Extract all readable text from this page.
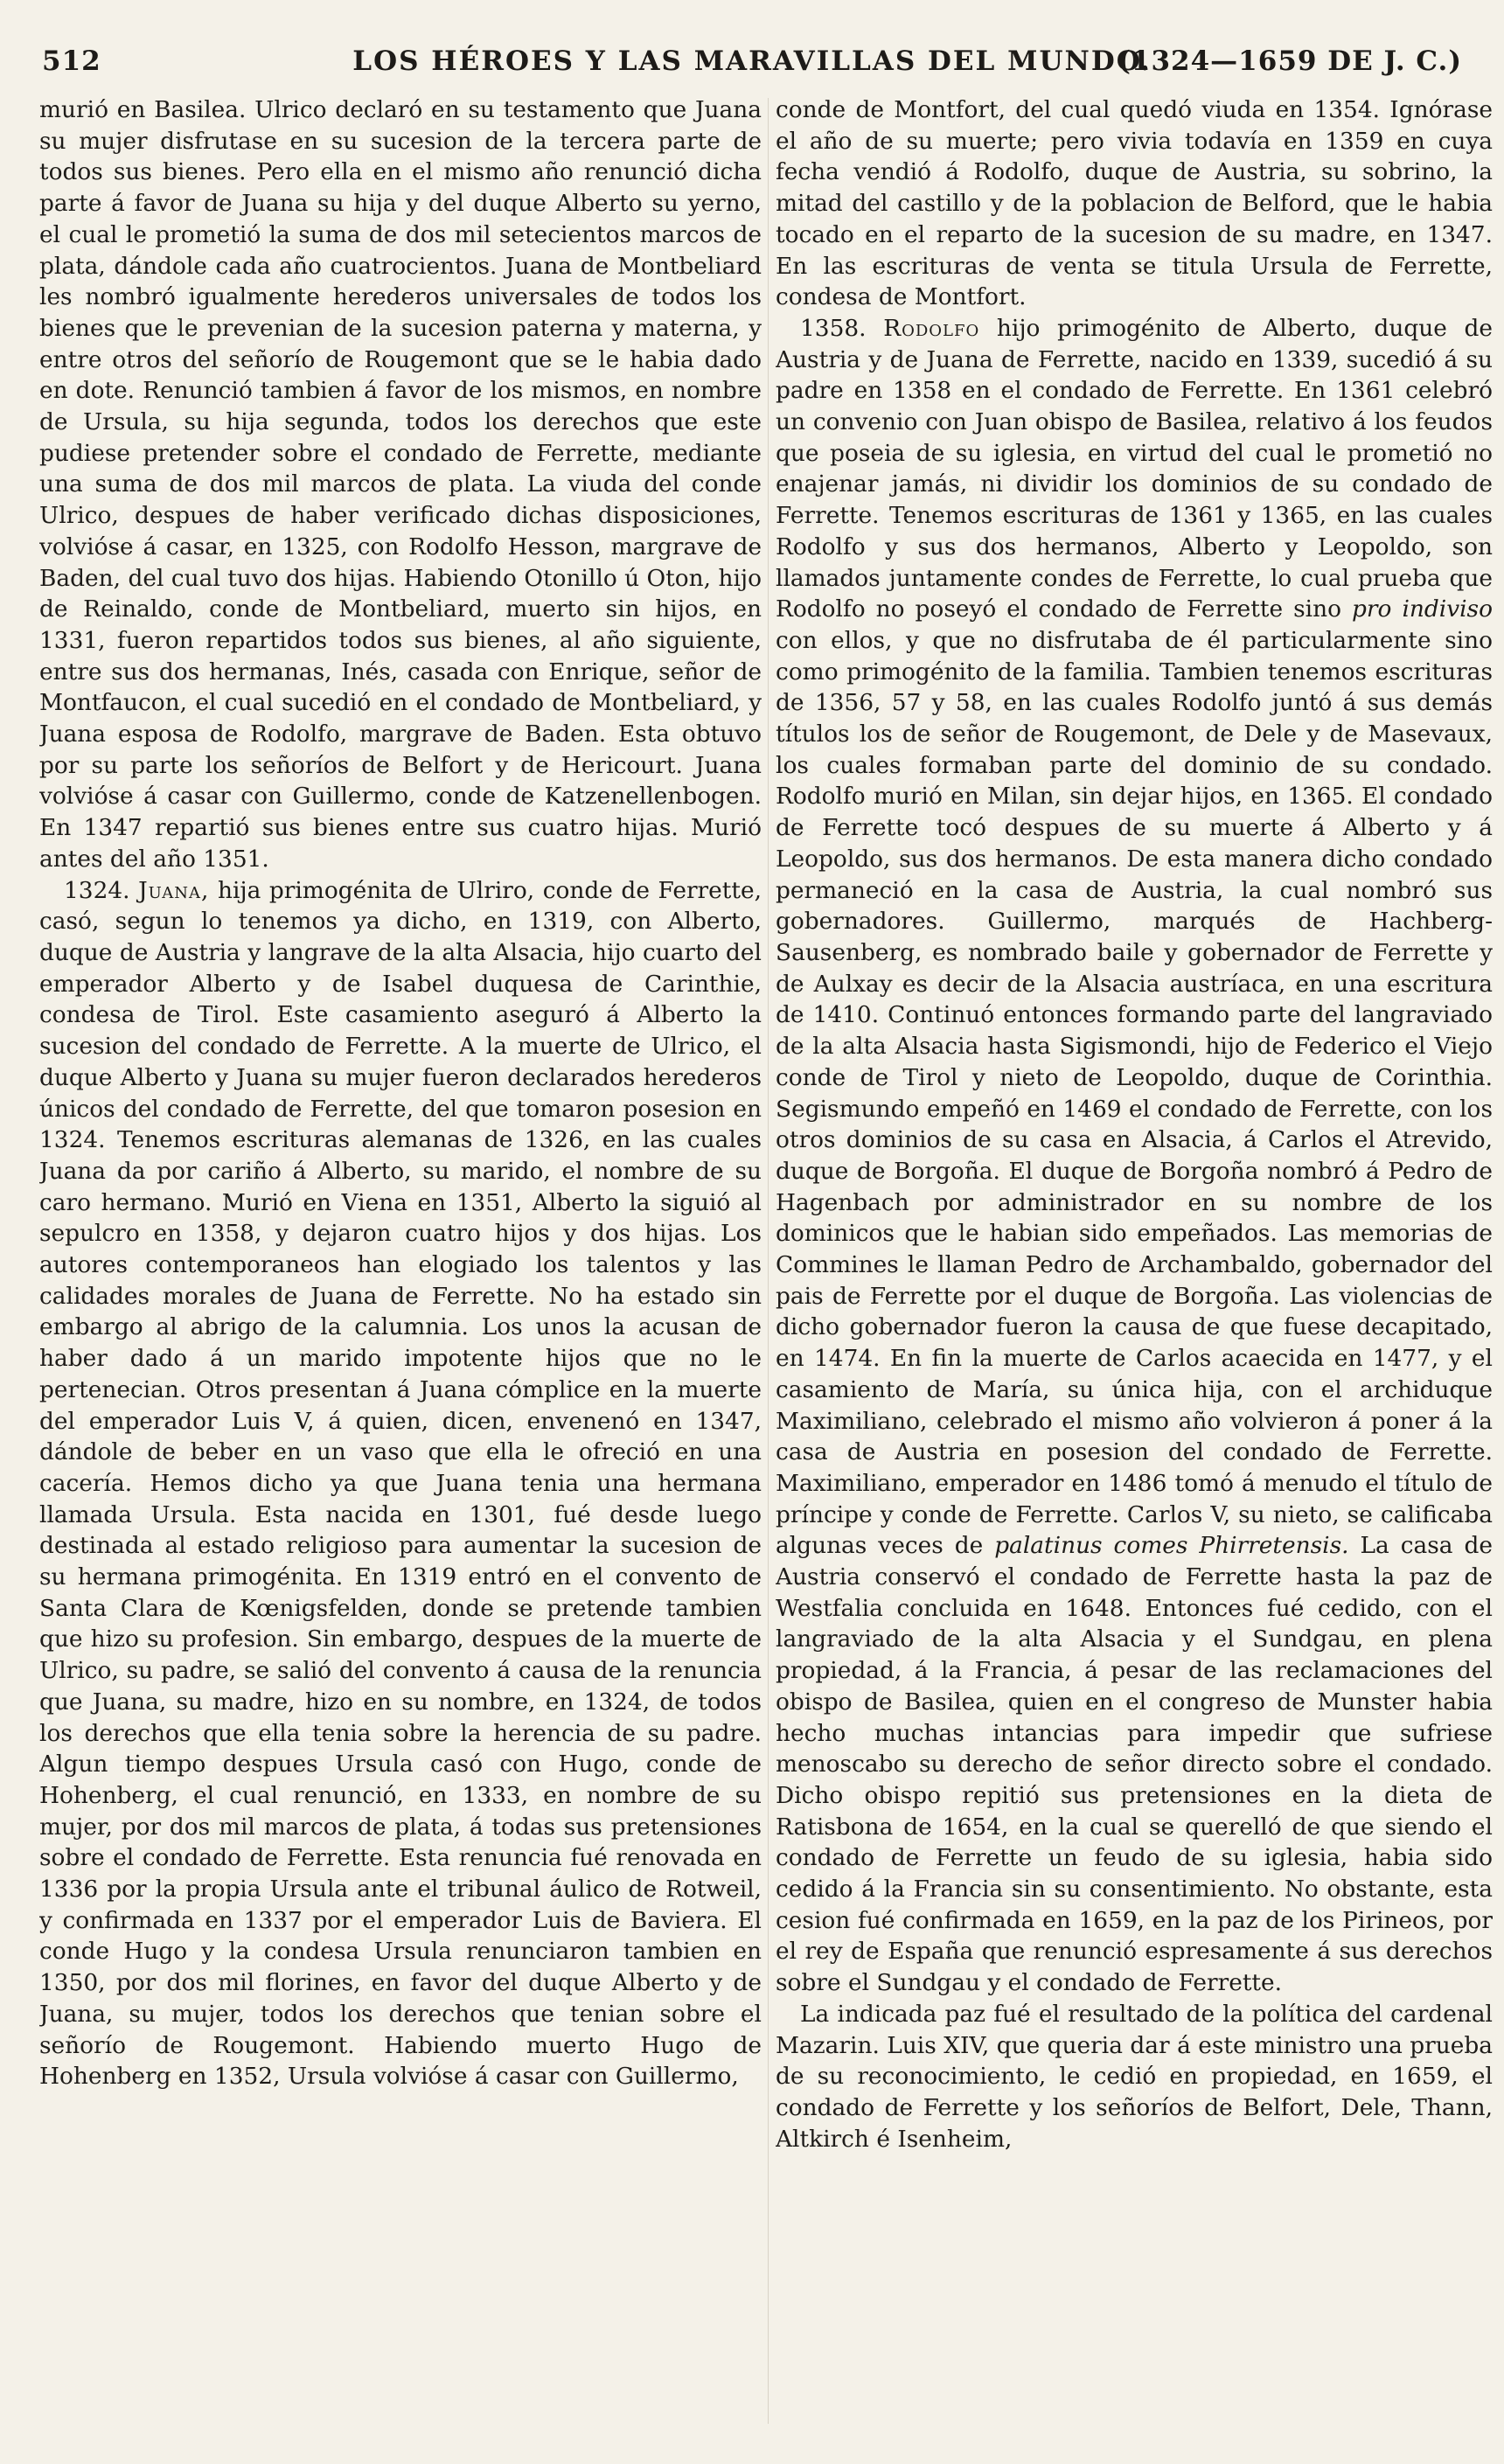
512	LOS HÉROES Y LAS MARAVILLAS DEL MUNDO.
(1324—1659 DE J. C.)

murió en Basilea. Ulrico declaró en su testamento que Juana su mujer disfrutase en su sucesion de la tercera parte de todos sus bienes. Pero ella en el mismo año renunció dicha parte á favor de Juana su hija y del duque Alberto su yerno, el cual le prometió la suma de dos mil setecientos marcos de plata, dándole cada año cuatrocientos. Juana de Montbeliard les nombró igualmente herederos universales de todos los bienes que le prevenian de la sucesion paterna y materna, y entre otros del señorío de Rougemont que se le habia dado en dote. Renunció tambien á favor de los mismos, en nombre de Ursula, su hija segunda, todos los derechos que este pudiese pretender sobre el condado de Ferrette, mediante una suma de dos mil marcos de plata. La viuda del conde Ulrico, despues de haber verificado dichas disposiciones, volvióse á casar, en 1325, con Rodolfo Hesson, margrave de Baden, del cual tuvo dos hijas. Habiendo Otonillo ú Oton, hijo de Reinaldo, conde de Montbeliard, muerto sin hijos, en 1331, fueron repartidos todos sus bienes, al año siguiente, entre sus dos hermanas, Inés, casada con Enrique, señor de Montfaucon, el cual sucedió en el condado de Montbeliard, y Juana esposa de Rodolfo, margrave de Baden. Esta obtuvo por su parte los señoríos de Belfort y de Hericourt. Juana volvióse á casar con Guillermo, conde de Katzenellenbogen. En 1347 repartió sus bienes entre sus cuatro hijas. Murió antes del año 1351.

1324. Juana, hija primogénita de Ulriro, conde de Ferrette, casó, segun lo tenemos ya dicho, en 1319, con Alberto, duque de Austria y langrave de la alta Alsacia, hijo cuarto del emperador Alberto y de Isabel duquesa de Carinthie, condesa de Tirol. Este casamiento aseguró á Alberto la sucesion del condado de Ferrette. A la muerte de Ulrico, el duque Alberto y Juana su mujer fueron declarados herederos únicos del condado de Ferrette, del que tomaron posesion en 1324. Tenemos escrituras alemanas de 1326, en las cuales Juana da por cariño á Alberto, su marido, el nombre de su caro hermano. Murió en Viena en 1351, Alberto la siguió al sepulcro en 1358, y dejaron cuatro hijos y dos hijas. Los autores contemporaneos han elogiado los talentos y las calidades morales de Juana de Ferrette. No ha estado sin embargo al abrigo de la calumnia. Los unos la acusan de haber dado á un marido impotente hijos que no le pertenecian. Otros presentan á Juana cómplice en la muerte del emperador Luis V, á quien, dicen, envenenó en 1347, dándole de beber en un vaso que ella le ofreció en una cacería. Hemos dicho ya que Juana tenia una hermana llamada Ursula. Esta nacida en 1301, fué desde luego destinada al estado religioso para aumentar la sucesion de su hermana primogénita. En 1319 entró en el convento de Santa Clara de Kœnigsfelden, donde se pretende tambien que hizo su profesion. Sin embargo, despues de la muerte de Ulrico, su padre, se salió del convento á causa de la renuncia que Juana, su madre, hizo en su nombre, en 1324, de todos los derechos que ella tenia sobre la herencia de su padre. Algun tiempo despues Ursula casó con Hugo, conde de Hohenberg, el cual renunció, en 1333, en nombre de su mujer, por dos mil marcos de plata, á todas sus pretensiones sobre el condado de Ferrette. Esta renuncia fué renovada en 1336 por la propia Ursula ante el tribunal áulico de Rotweil, y confirmada en 1337 por el emperador Luis de Baviera. El conde Hugo y la condesa Ursula renunciaron tambien en 1350, por dos mil florines, en favor del duque Alberto y de Juana, su mujer, todos los derechos que tenian sobre el señorío de Rougemont. Habiendo muerto Hugo de Hohenberg en 1352, Ursula volvióse á casar con Guillermo,

conde de Montfort, del cual quedó viuda en 1354. Ignórase el año de su muerte; pero vivia todavía en 1359 en cuya fecha vendió á Rodolfo, duque de Austria, su sobrino, la mitad del castillo y de la poblacion de Belford, que le habia tocado en el reparto de la sucesion de su madre, en 1347. En las escrituras de venta se titula Ursula de Ferrette, condesa de Montfort.

1358. Rodolfo hijo primogénito de Alberto, duque de Austria y de Juana de Ferrette, nacido en 1339, sucedió á su padre en 1358 en el condado de Ferrette. En 1361 celebró un convenio con Juan obispo de Basilea, relativo á los feudos que poseia de su iglesia, en virtud del cual le prometió no enajenar jamás, ni dividir los dominios de su condado de Ferrette. Tenemos escrituras de 1361 y 1365, en las cuales Rodolfo y sus dos hermanos, Alberto y Leopoldo, son llamados juntamente condes de Ferrette, lo cual prueba que Rodolfo no poseyó el condado de Ferrette sino pro indiviso con ellos, y que no disfrutaba de él particularmente sino como primogénito de la familia. Tambien tenemos escrituras de 1356, 57 y 58, en las cuales Rodolfo juntó á sus demás títulos los de señor de Rougemont, de Dele y de Masevaux, los cuales formaban parte del dominio de su condado. Rodolfo murió en Milan, sin dejar hijos, en 1365. El condado de Ferrette tocó despues de su muerte á Alberto y á Leopoldo, sus dos hermanos. De esta manera dicho condado permaneció en la casa de Austria, la cual nombró sus gobernadores. Guillermo, marqués de Hachberg-Sausenberg, es nombrado baile y gobernador de Ferrette y de Aulxay es decir de la Alsacia austríaca, en una escritura de 1410. Continuó entonces formando parte del langraviado de la alta Alsacia hasta Sigismondi, hijo de Federico el Viejo conde de Tirol y nieto de Leopoldo, duque de Corinthia. Segismundo empeñó en 1469 el condado de Ferrette, con los otros dominios de su casa en Alsacia, á Carlos el Atrevido, duque de Borgoña. El duque de Borgoña nombró á Pedro de Hagenbach por administrador en su nombre de los dominicos que le habian sido empeñados. Las memorias de Commines le llaman Pedro de Archambaldo, gobernador del pais de Ferrette por el duque de Borgoña. Las violencias de dicho gobernador fueron la causa de que fuese decapitado, en 1474. En fin la muerte de Carlos acaecida en 1477, y el casamiento de María, su única hija, con el archiduque Maximiliano, celebrado el mismo año volvieron á poner á la casa de Austria en posesion del condado de Ferrette. Maximiliano, emperador en 1486 tomó á menudo el título de príncipe y conde de Ferrette. Carlos V, su nieto, se calificaba algunas veces de palatinus comes Phirretensis. La casa de Austria conservó el condado de Ferrette hasta la paz de Westfalia concluida en 1648. Entonces fué cedido, con el langraviado de la alta Alsacia y el Sundgau, en plena propiedad, á la Francia, á pesar de las reclamaciones del obispo de Basilea, quien en el congreso de Munster habia hecho muchas intancias para impedir que sufriese menoscabo su derecho de señor directo sobre el condado. Dicho obispo repitió sus pretensiones en la dieta de Ratisbona de 1654, en la cual se querelló de que siendo el condado de Ferrette un feudo de su iglesia, habia sido cedido á la Francia sin su consentimiento. No obstante, esta cesion fué confirmada en 1659, en la paz de los Pirineos, por el rey de España que renunció espresamente á sus derechos sobre el Sundgau y el condado de Ferrette.

La indicada paz fué el resultado de la política del cardenal Mazarin. Luis XIV, que queria dar á este ministro una prueba de su reconocimiento, le cedió en propiedad, en 1659, el condado de Ferrette y los señoríos de Belfort, Dele, Thann, Altkirch é Isenheim,
